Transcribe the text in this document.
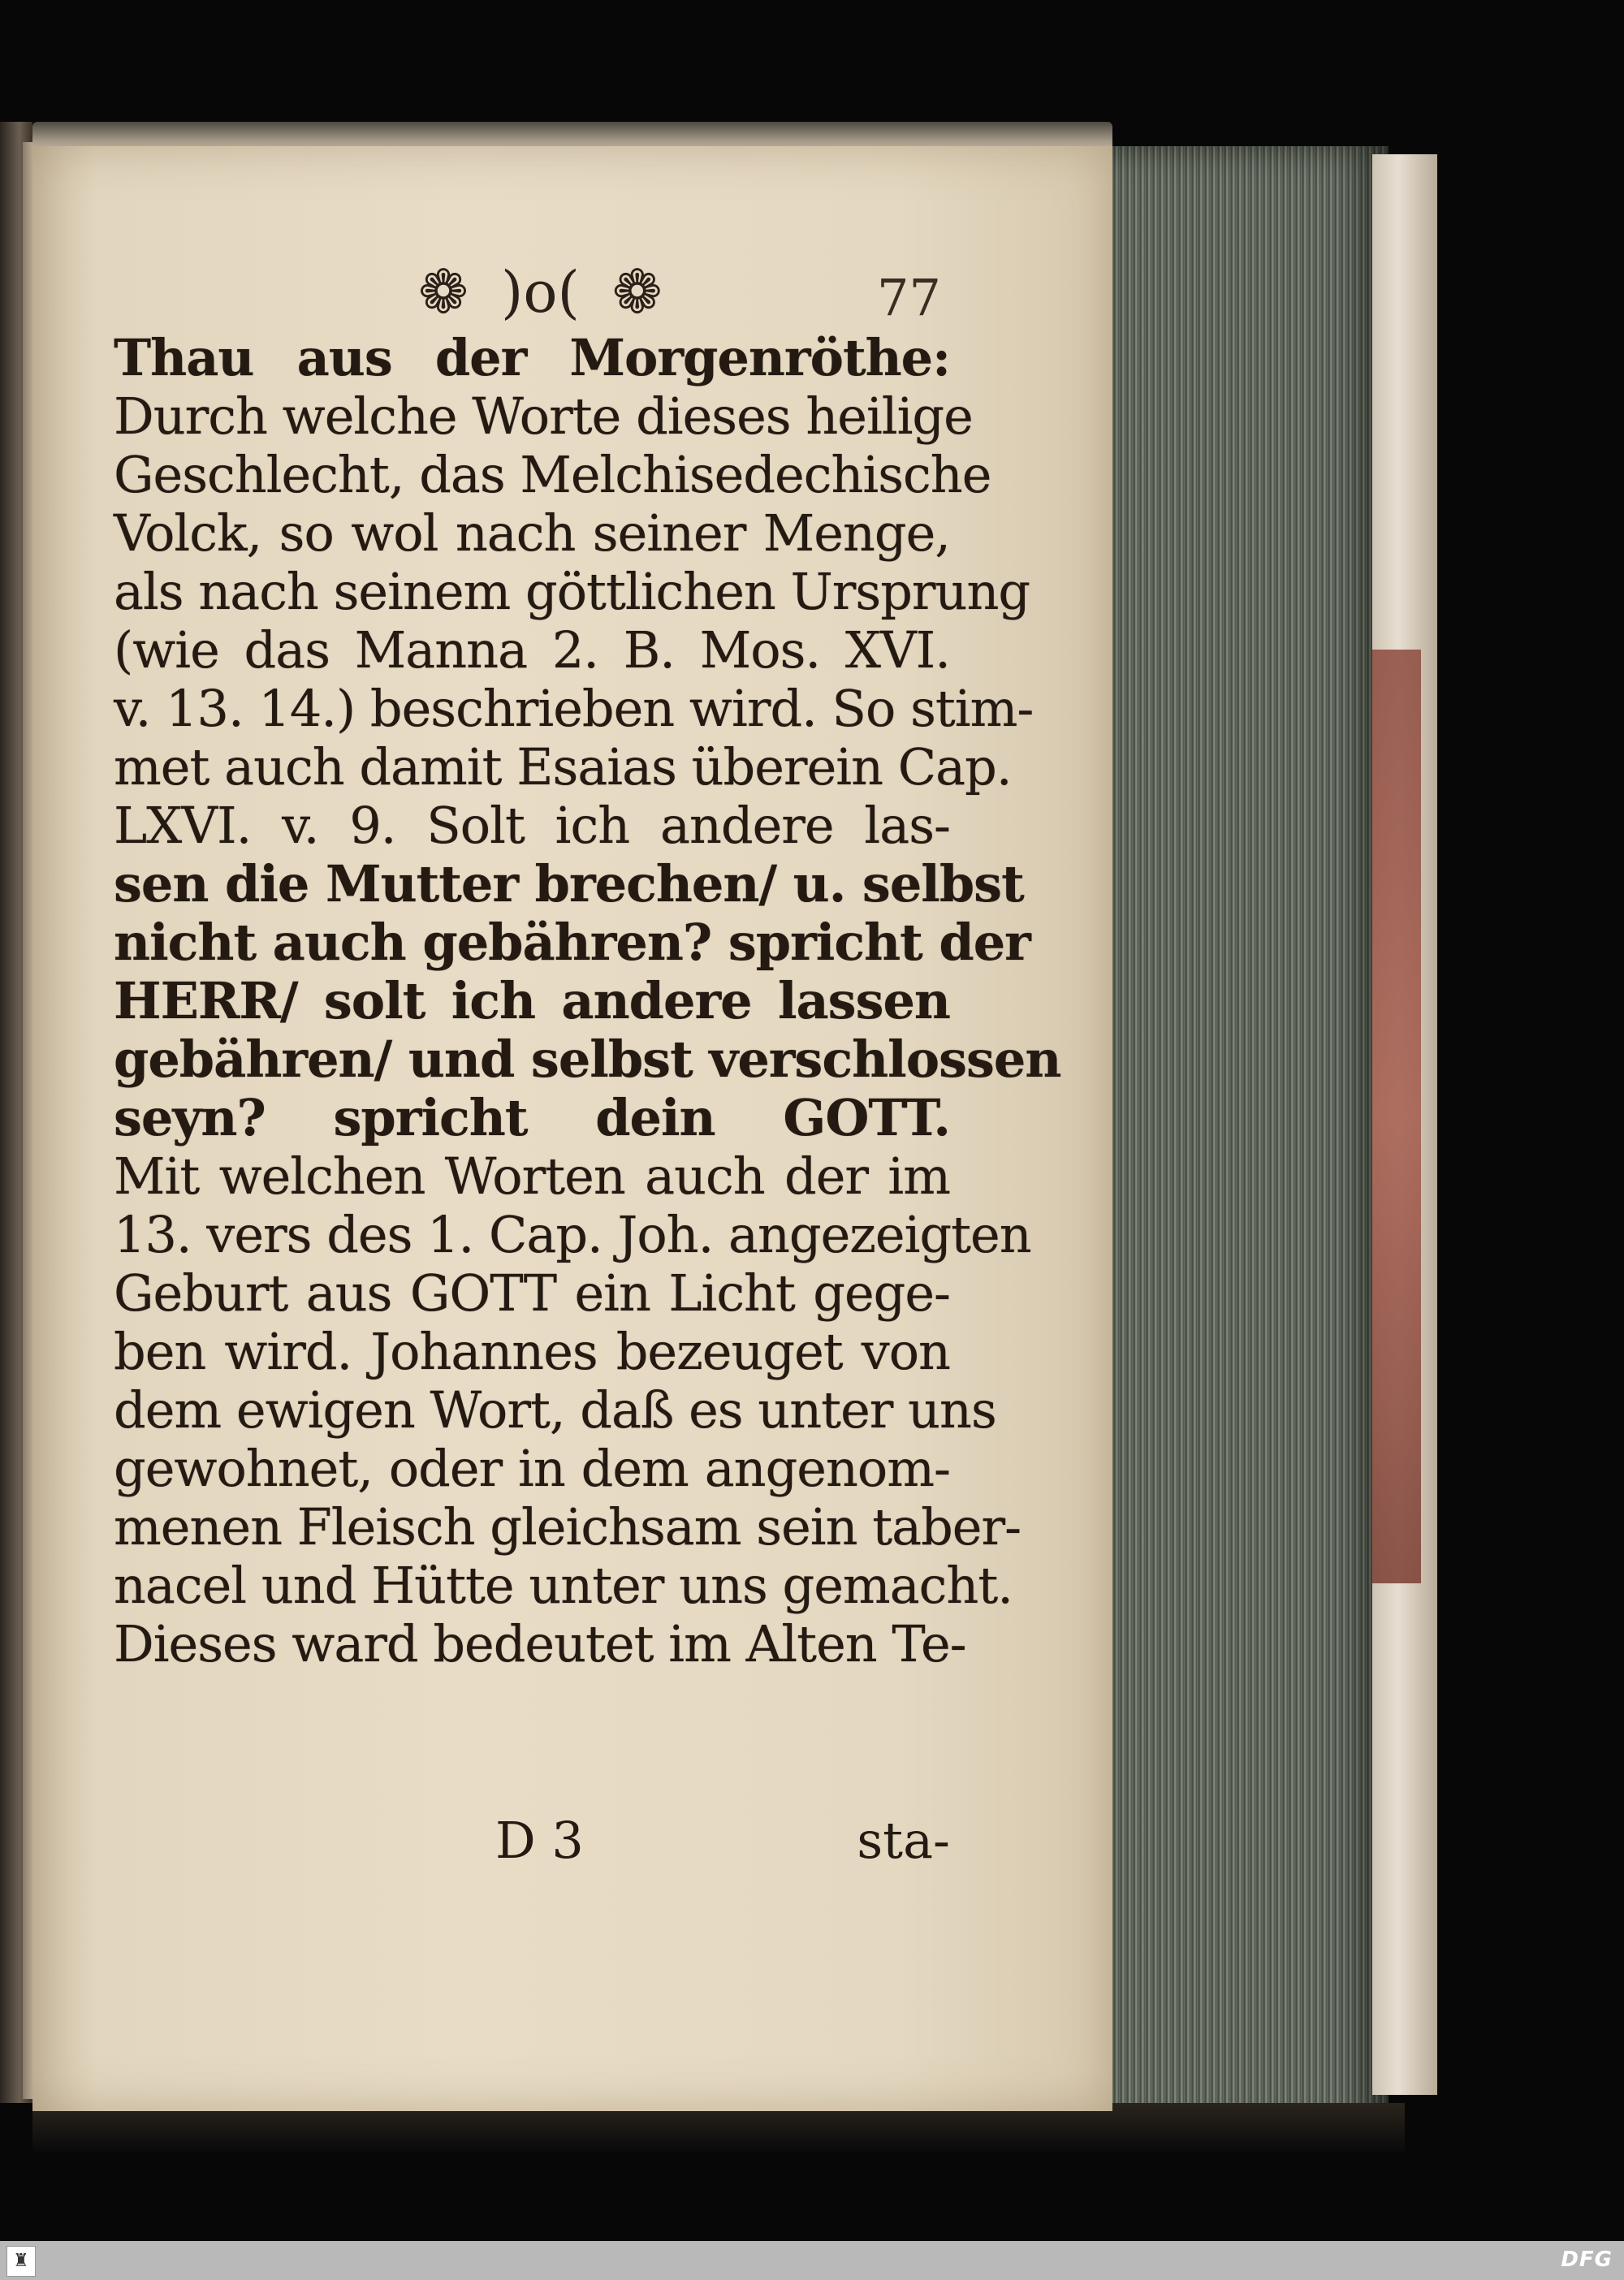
❁ )o( ❁	77
Thau aus der Morgenröthe:
Durch welche Worte dieses heilige
Geschlecht, das Melchisedechische
Volck, so wol nach seiner Menge,
als nach seinem göttlichen Ursprung
(wie das Manna 2. B. Mos. XVI.
v. 13. 14.) beschrieben wird. So stim-
met auch damit Esaias überein Cap.
LXVI. v. 9. Solt ich andere las-
sen die Mutter brechen/ u. selbst
nicht auch gebähren? spricht der
HERR/ solt ich andere lassen
gebähren/ und selbst verschlossen
seyn? spricht dein GOTT.
Mit welchen Worten auch der im
13. vers des 1. Cap. Joh. angezeigten
Geburt aus GOTT ein Licht gege-
ben wird. Johannes bezeuget von
dem ewigen Wort, daß es unter uns
gewohnet, oder in dem angenom-
menen Fleisch gleichsam sein taber-
nacel und Hütte unter uns gemacht.
Dieses ward bedeutet im Alten Te-
D 3	sta-
♜	DFG
